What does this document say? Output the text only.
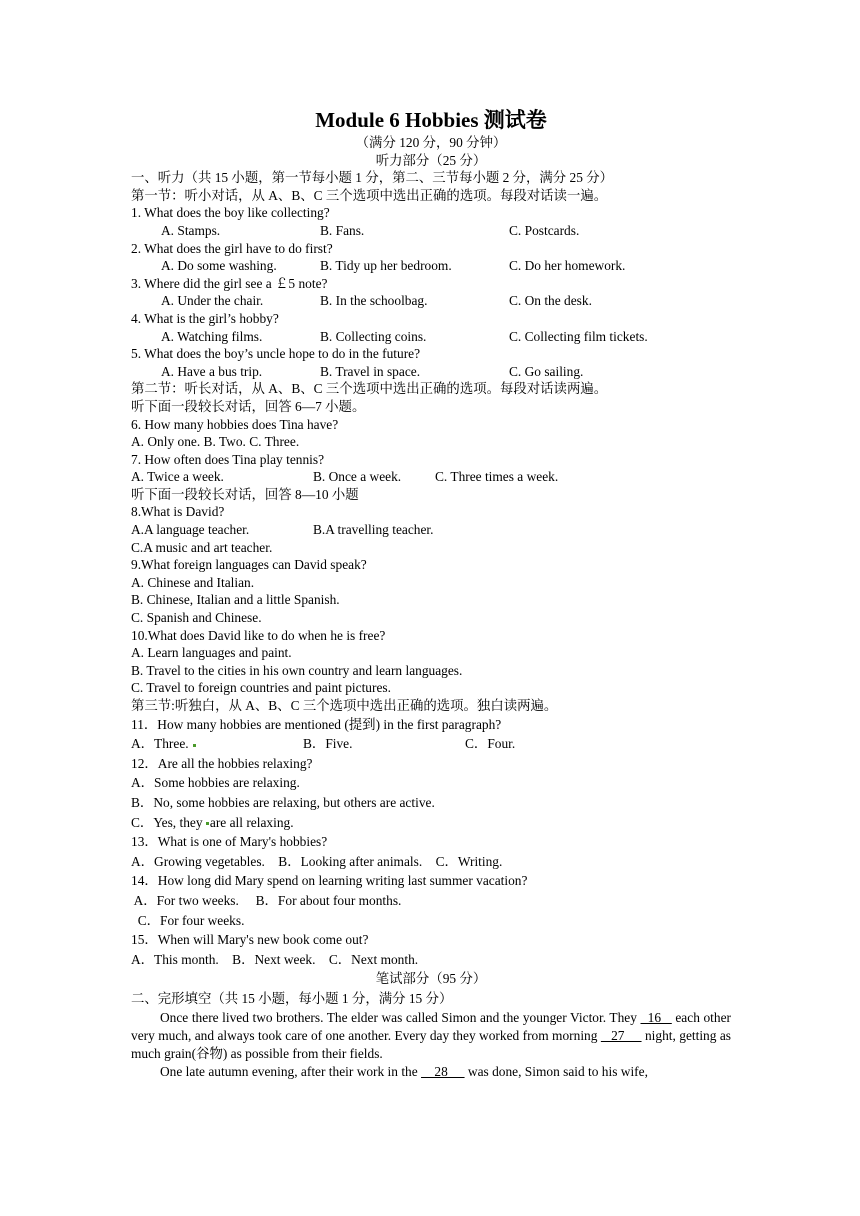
Module 6 Hobbies 测试卷
（满分 120 分，90 分钟）
听力部分（25 分）
一、听力（共 15 小题，第一节每小题 1 分，第二、三节每小题 2 分，满分 25 分）
第一节：听小对话，从 A、B、C 三个选项中选出正确的选项。每段对话读一遍。
1. What does the boy like collecting?
A. Stamps.	B. Fans.	C. Postcards.
2. What does the girl have to do first?
A. Do some washing.	B. Tidy up her bedroom.	C. Do her homework.
3. Where did the girl see a ￡5 note?
A. Under the chair.	B. In the schoolbag.	C. On the desk.
4. What is the girl’s hobby?
A. Watching films.	B. Collecting coins.	C. Collecting film tickets.
5. What does the boy’s uncle hope to do in the future?
A. Have a bus trip.	B. Travel in space.	C. Go sailing.
第二节：听长对话，从 A、B、C 三个选项中选出正确的选项。每段对话读两遍。
听下面一段较长对话，回答 6—7 小题。
6. How many hobbies does Tina have?
A. Only one. B. Two. C. Three.
7. How often does Tina play tennis?
A. Twice a week.	B. Once a week.	C. Three times a week.
听下面一段较长对话，回答 8—10 小题
8.What is David?
A.A language teacher.	B.A travelling teacher.
C.A music and art teacher.
9.What foreign languages can David speak?
A. Chinese and Italian.
B. Chinese, Italian and a little Spanish.
C. Spanish and Chinese.
10.What does David like to do when he is free?
A. Learn languages and paint.
B. Travel to the cities in his own country and learn languages.
C. Travel to foreign countries and paint pictures.
第三节:听独白，从 A、B、C 三个选项中选出正确的选项。独白读两遍。
11．How many hobbies are mentioned (提到) in the first paragraph?
A．Three.	B．Five.	C．Four.
12．Are all the hobbies relaxing?
A．Some hobbies are relaxing.
B．No, some hobbies are relaxing, but others are active.
C．Yes, they are all relaxing.
13．What is one of Mary's hobbies?
A．Growing vegetables.    B．Looking after animals.    C．Writing.
14．How long did Mary spend on learning writing last summer vacation?
A．For two weeks.     B．For about four months.
C．For four weeks.
15．When will Mary's new book come out?
A．This month.    B．Next week.    C．Next month.
笔试部分（95 分）
二、完形填空（共 15 小题，每小题 1 分，满分 15 分）
Once there lived two brothers. The elder was called Simon and the younger Victor. They   16    each other very much, and always took care of one another. Every day they worked from morning    27      night, getting as much grain(谷物) as possible from their fields.
One late autumn evening, after their work in the     28      was done, Simon said to his wife,
